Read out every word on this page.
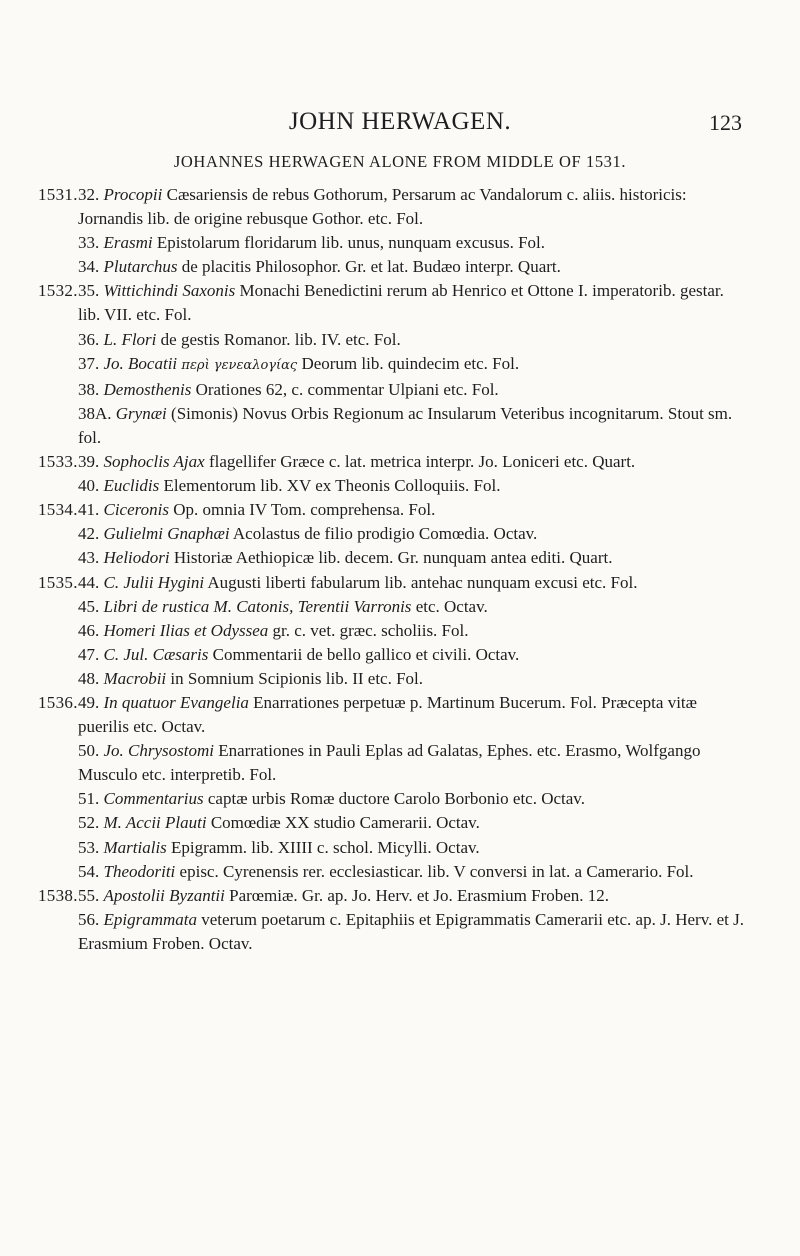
JOHN HERWAGEN.	123
JOHANNES HERWAGEN ALONE FROM MIDDLE OF 1531.
1531. 32. Procopii Cæsariensis de rebus Gothorum, Persarum ac Vandalorum c. aliis. historicis: Jornandis lib. de origine rebusque Gothor. etc. Fol.
33. Erasmi Epistolarum floridarum lib. unus, nunquam excusus. Fol.
34. Plutarchus de placitis Philosophor. Gr. et lat. Budæo interpr. Quart.
1532. 35. Wittichindi Saxonis Monachi Benedictini rerum ab Henrico et Ottone I. imperatorib. gestar. lib. VII. etc. Fol.
36. L. Flori de gestis Romanor. lib. IV. etc. Fol.
37. Jo. Bocatii περὶ γενεαλογίας Deorum lib. quindecim etc. Fol.
38. Demosthenis Orationes 62, c. commentar Ulpiani etc. Fol.
38A. Grynæi (Simonis) Novus Orbis Regionum ac Insularum Veteribus incognitarum. Stout sm. fol.
1533. 39. Sophoclis Ajax flagellifer Græce c. lat. metrica interpr. Jo. Loniceri etc. Quart.
40. Euclidis Elementorum lib. XV ex Theonis Colloquiis. Fol.
1534. 41. Ciceronis Op. omnia IV Tom. comprehensa. Fol.
42. Gulielmi Gnaphæi Acolastus de filio prodigio Comœdia. Octav.
43. Heliodori Historiæ Aethiopicæ lib. decem. Gr. nunquam antea editi. Quart.
1535. 44. C. Julii Hygini Augusti liberti fabularum lib. antehac nunquam excusi etc. Fol.
45. Libri de rustica M. Catonis, Terentii Varronis etc. Octav.
46. Homeri Ilias et Odyssea gr. c. vet. græc. scholiis. Fol.
47. C. Jul. Cæsaris Commentarii de bello gallico et civili. Octav.
48. Macrobii in Somnium Scipionis lib. II etc. Fol.
1536. 49. In quatuor Evangelia Enarrationes perpetuæ p. Martinum Bucerum. Fol. Præcepta vitæ puerilis etc. Octav.
50. Jo. Chrysostomi Enarrationes in Pauli Eplas ad Galatas, Ephes. etc. Erasmo, Wolfgango Musculo etc. interpretib. Fol.
51. Commentarius captæ urbis Romæ ductore Carolo Borbonio etc. Octav.
52. M. Accii Plauti Comœdiæ XX studio Camerarii. Octav.
53. Martialis Epigramm. lib. XIIII c. schol. Micylli. Octav.
54. Theodoriti episc. Cyrenensis rer. ecclesiasticar. lib. V conversi in lat. a Camerario. Fol.
1538. 55. Apostolii Byzantii Parœmiæ. Gr. ap. Jo. Herv. et Jo. Erasmium Froben. 12.
56. Epigrammata veterum poetarum c. Epitaphiis et Epigrammatis Camerarii etc. ap. J. Herv. et J. Erasmium Froben. Octav.
